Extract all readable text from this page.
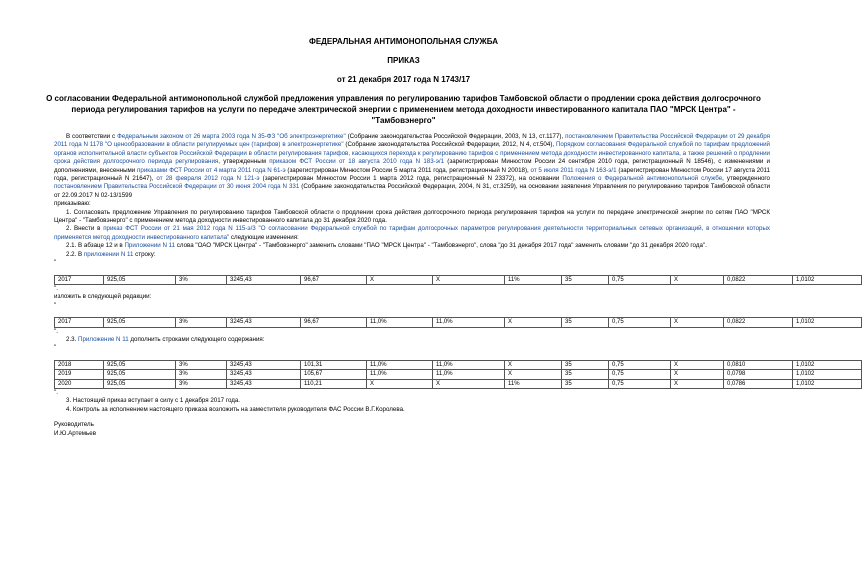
ФЕДЕРАЛЬНАЯ АНТИМОНОПОЛЬНАЯ СЛУЖБА
ПРИКАЗ
от 21 декабря 2017 года N 1743/17
О согласовании Федеральной антимонопольной службой предложения управления по регулированию тарифов Тамбовской области о продлении срока действия долгосрочного периода регулирования тарифов на услуги по передаче электрической энергии с применением метода доходности инвестированного капитала ПАО "МРСК Центра" - "Тамбовэнерго"

В соответствии с Федеральным законом от 26 марта 2003 года N 35-ФЗ "Об электроэнергетике" (Собрание законодательства Российской Федерации, 2003, N 13, ст.1177), постановлением Правительства Российской Федерации от 29 декабря 2011 года N 1178 "О ценообразовании в области регулируемых цен (тарифов) в электроэнергетике" (Собрание законодательства Российской Федерации, 2012, N 4, ст.504), Порядком согласования Федеральной службой по тарифам предложений органов исполнительной власти субъектов Российской Федерации в области регулирования тарифов, касающихся перехода к регулированию тарифов с применением метода доходности инвестированного капитала, а также решений о продлении срока действия долгосрочного периода регулирования, утвержденным приказом ФСТ России от 18 августа 2010 года N 183-э/1 (зарегистрирован Минюстом России 24 сентября 2010 года, регистрационный N 18546), с изменениями и дополнениями, внесенными приказами ФСТ России от 4 марта 2011 года N 61-э (зарегистрирован Минюстом России 5 марта 2011 года, регистрационный N 20018), от 5 июля 2011 года N 163-э/1 (зарегистрирован Минюстом России 17 августа 2011 года, регистрационный N 21647), от 28 февраля 2012 года N 121-э (зарегистрирован Минюстом России 1 марта 2012 года, регистрационный N 23372), на основании Положения о Федеральной антимонопольной службе, утвержденного постановлением Правительства Российской Федерации от 30 июня 2004 года N 331 (Собрание законодательства Российской Федерации, 2004, N 31, ст.3259), на основании заявления Управления по регулированию тарифов Тамбовской области от 22.09.2017 N 02-13/1599

приказываю:

1. Согласовать предложение Управления по регулированию тарифов Тамбовской области о продлении срока действия долгосрочного периода регулирования тарифов на услуги по передаче электрической энергии по сетям ПАО "МРСК Центра" - "Тамбовэнерго" с применением метода доходности инвестированного капитала до 31 декабря 2020 года.

2. Внести в приказ ФСТ России от 21 мая 2012 года N 115-э/3 "О согласовании Федеральной службой по тарифам долгосрочных параметров регулирования деятельности территориальных сетевых организаций, в отношении которых применяется метод доходности инвестированного капитала" следующие изменения:

2.1. В абзаце 12 и в Приложении N 11 слова "ОАО "МРСК Центра" - "Тамбовэнерго" заменить словами "ПАО "МРСК Центра" - "Тамбовэнерго", слова "до 31 декабря 2017 года" заменить словами "до 31 декабря 2020 года".

2.2. В приложении N 11 строку:

"

2017	925,05	3%	3245,43	96,67	X	X	11%	35	0,75	X	0,0822	1,0102

".

изложить в следующей редакции:

"

2017	925,05	3%	3245,43	96,67	11,0%	11,0%	X	35	0,75	X	0,0822	1,0102

".

2.3. Приложение N 11 дополнить строками следующего содержания:

"

2018	925,05	3%	3245,43	101,31	11,0%	11,0%	X	35	0,75	X	0,0810	1,0102
2019	925,05	3%	3245,43	105,67	11,0%	11,0%	X	35	0,75	X	0,0798	1,0102
2020	925,05	3%	3245,43	110,21	X	X	11%	35	0,75	X	0,0786	1,0102

".

3. Настоящий приказ вступает в силу с 1 декабря 2017 года.

4. Контроль за исполнением настоящего приказа возложить на заместителя руководителя ФАС России В.Г.Королева.

Руководитель

И.Ю.Артемьев
